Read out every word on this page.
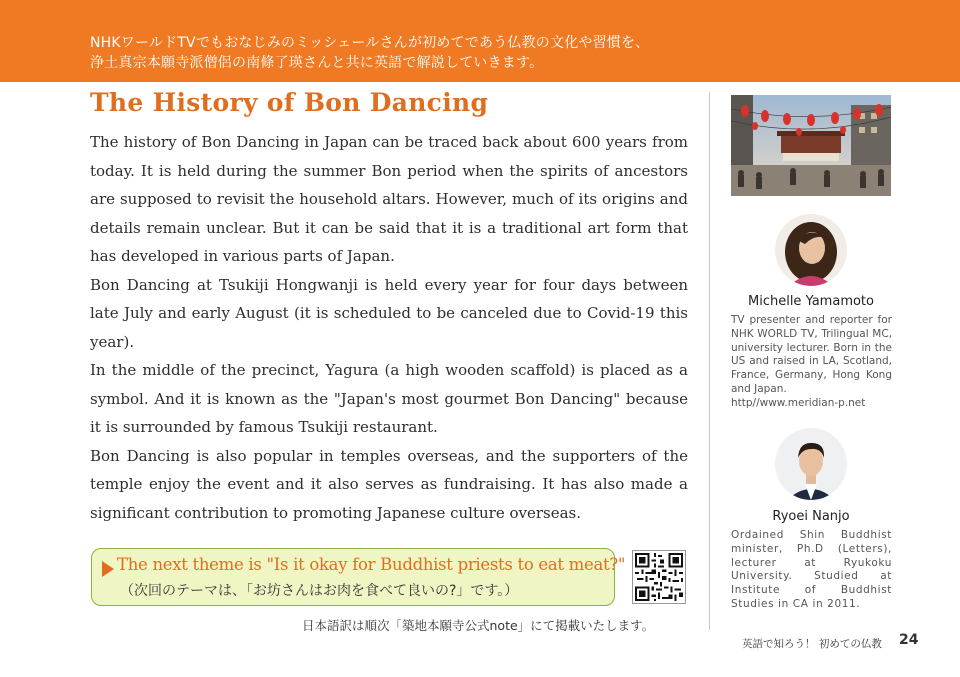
NHKワールドTVでもおなじみのミッシェールさんが初めてであう仏教の文化や習慣を、
浄土真宗本願寺派僧侶の南條了瑛さんと共に英語で解説していきます。
The History of Bon Dancing

The history of Bon Dancing in Japan can be traced back about 600 years from today. It is held during the summer Bon period when the spirits of ancestors are supposed to revisit the household altars. However, much of its origins and details remain unclear. But it can be said that it is a traditional art form that has developed in various parts of Japan.

Bon Dancing at Tsukiji Hongwanji is held every year for four days between late July and early August (it is scheduled to be canceled due to Covid-19 this year).

In the middle of the precinct, Yagura (a high wooden scaffold) is placed as a symbol. And it is known as the "Japan's most gourmet Bon Dancing" because it is surrounded by famous Tsukiji restaurant.

Bon Dancing is also popular in temples overseas, and the supporters of the temple enjoy the event and it also serves as fundraising. It has also made a significant contribution to promoting Japanese culture overseas.

The next theme is "Is it okay for Buddhist priests to eat meat?"
（次回のテーマは、「お坊さんはお肉を食べて良いの?」です。）
日本語訳は順次「築地本願寺公式note」にて掲載いたします。
Michelle Yamamoto
TV presenter and reporter for NHK WORLD TV, Trilingual MC, university lecturer. Born in the US and raised in LA, Scotland, France, Germany, Hong Kong and Japan.
http//www.meridian-p.net
Ryoei Nanjo
Ordained Shin Buddhist minister, Ph.D (Letters), lecturer at Ryukoku University. Studied at Institute of Buddhist Studies in CA in 2011.
英語で知ろう！ 初めての仏教 24
